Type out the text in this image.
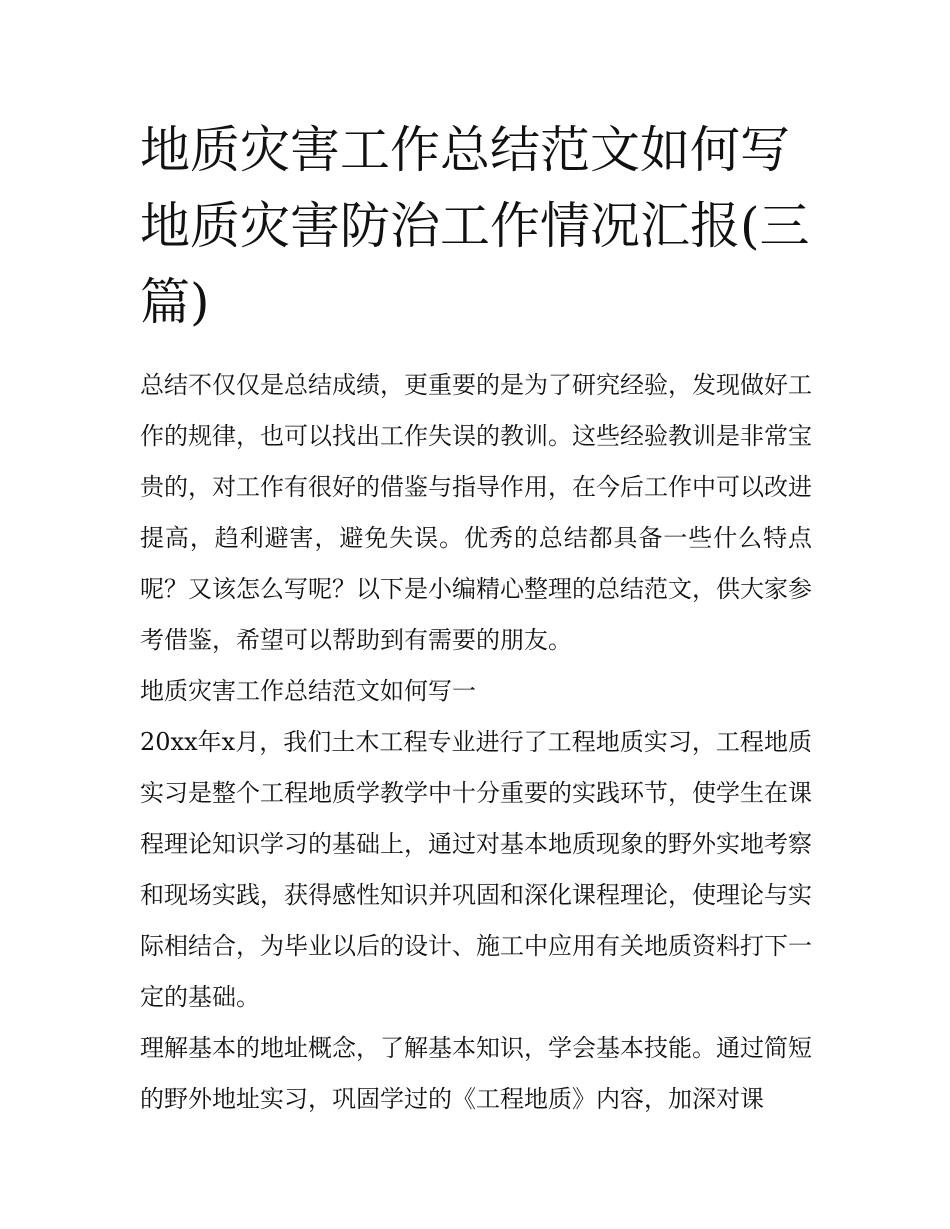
地质灾害工作总结范文如何写地质灾害防治工作情况汇报(三篇)

总结不仅仅是总结成绩，更重要的是为了研究经验，发现做好工作的规律，也可以找出工作失误的教训。这些经验教训是非常宝贵的，对工作有很好的借鉴与指导作用，在今后工作中可以改进提高，趋利避害，避免失误。优秀的总结都具备一些什么特点呢？又该怎么写呢？以下是小编精心整理的总结范文，供大家参考借鉴，希望可以帮助到有需要的朋友。

地质灾害工作总结范文如何写一

20xx年x月，我们土木工程专业进行了工程地质实习，工程地质实习是整个工程地质学教学中十分重要的实践环节，使学生在课程理论知识学习的基础上，通过对基本地质现象的野外实地考察和现场实践，获得感性知识并巩固和深化课程理论，使理论与实际相结合，为毕业以后的设计、施工中应用有关地质资料打下一定的基础。

理解基本的地址概念，了解基本知识，学会基本技能。通过简短的野外地址实习，巩固学过的《工程地质》内容，加深对课
